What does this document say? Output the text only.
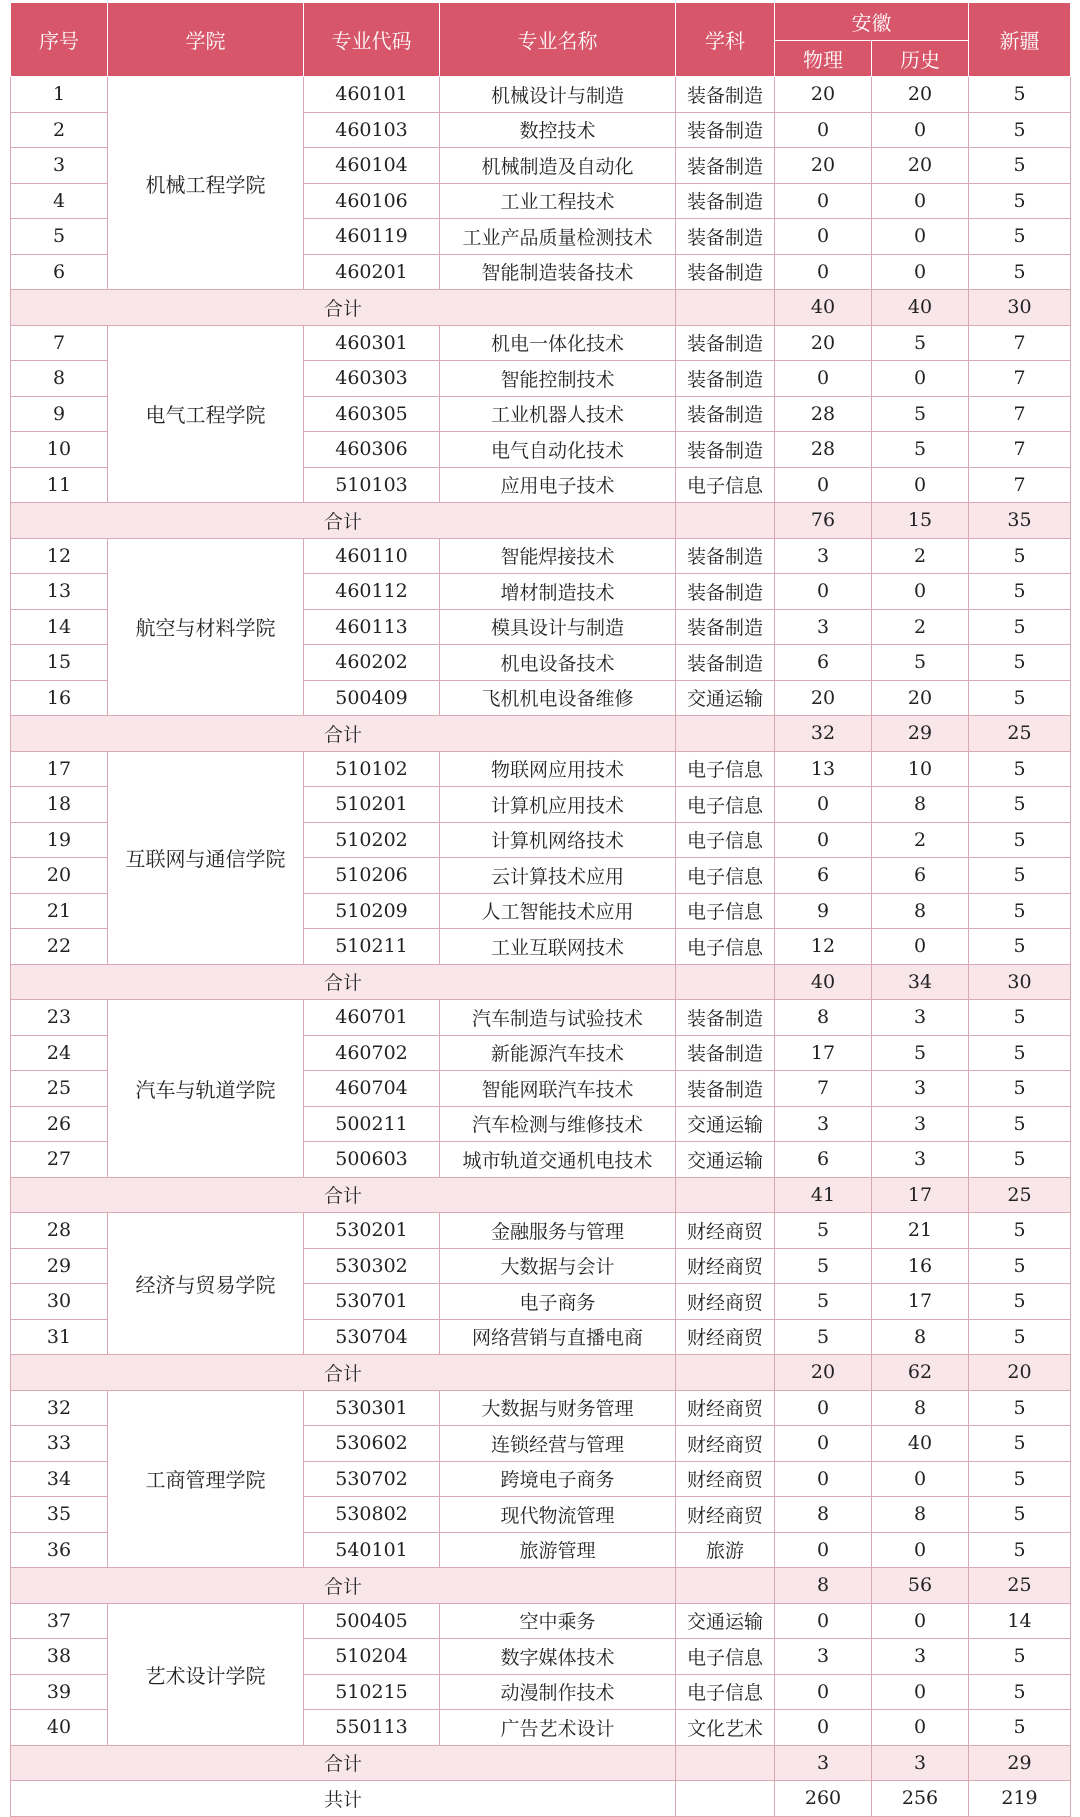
序号	学院	专业代码	专业名称	学科	安徽		新疆
					物理	历史	
1	机械工程学院	460101	机械设计与制造	装备制造	20	20	5
2		460103	数控技术	装备制造	0	0	5
3		460104	机械制造及自动化	装备制造	20	20	5
4		460106	工业工程技术	装备制造	0	0	5
5		460119	工业产品质量检测技术	装备制造	0	0	5
6		460201	智能制造装备技术	装备制造	0	0	5
合计					40	40	30
7	电气工程学院	460301	机电一体化技术	装备制造	20	5	7
8		460303	智能控制技术	装备制造	0	0	7
9		460305	工业机器人技术	装备制造	28	5	7
10		460306	电气自动化技术	装备制造	28	5	7
11		510103	应用电子技术	电子信息	0	0	7
合计					76	15	35
12	航空与材料学院	460110	智能焊接技术	装备制造	3	2	5
13		460112	增材制造技术	装备制造	0	0	5
14		460113	模具设计与制造	装备制造	3	2	5
15		460202	机电设备技术	装备制造	6	5	5
16		500409	飞机机电设备维修	交通运输	20	20	5
合计					32	29	25
17	互联网与通信学院	510102	物联网应用技术	电子信息	13	10	5
18		510201	计算机应用技术	电子信息	0	8	5
19		510202	计算机网络技术	电子信息	0	2	5
20		510206	云计算技术应用	电子信息	6	6	5
21		510209	人工智能技术应用	电子信息	9	8	5
22		510211	工业互联网技术	电子信息	12	0	5
合计					40	34	30
23	汽车与轨道学院	460701	汽车制造与试验技术	装备制造	8	3	5
24		460702	新能源汽车技术	装备制造	17	5	5
25		460704	智能网联汽车技术	装备制造	7	3	5
26		500211	汽车检测与维修技术	交通运输	3	3	5
27		500603	城市轨道交通机电技术	交通运输	6	3	5
合计					41	17	25
28	经济与贸易学院	530201	金融服务与管理	财经商贸	5	21	5
29		530302	大数据与会计	财经商贸	5	16	5
30		530701	电子商务	财经商贸	5	17	5
31		530704	网络营销与直播电商	财经商贸	5	8	5
合计					20	62	20
32	工商管理学院	530301	大数据与财务管理	财经商贸	0	8	5
33		530602	连锁经营与管理	财经商贸	0	40	5
34		530702	跨境电子商务	财经商贸	0	0	5
35		530802	现代物流管理	财经商贸	8	8	5
36		540101	旅游管理	旅游	0	0	5
合计					8	56	25
37	艺术设计学院	500405	空中乘务	交通运输	0	0	14
38		510204	数字媒体技术	电子信息	3	3	5
39		510215	动漫制作技术	电子信息	0	0	5
40		550113	广告艺术设计	文化艺术	0	0	5
合计					3	3	29
共计					260	256	219
